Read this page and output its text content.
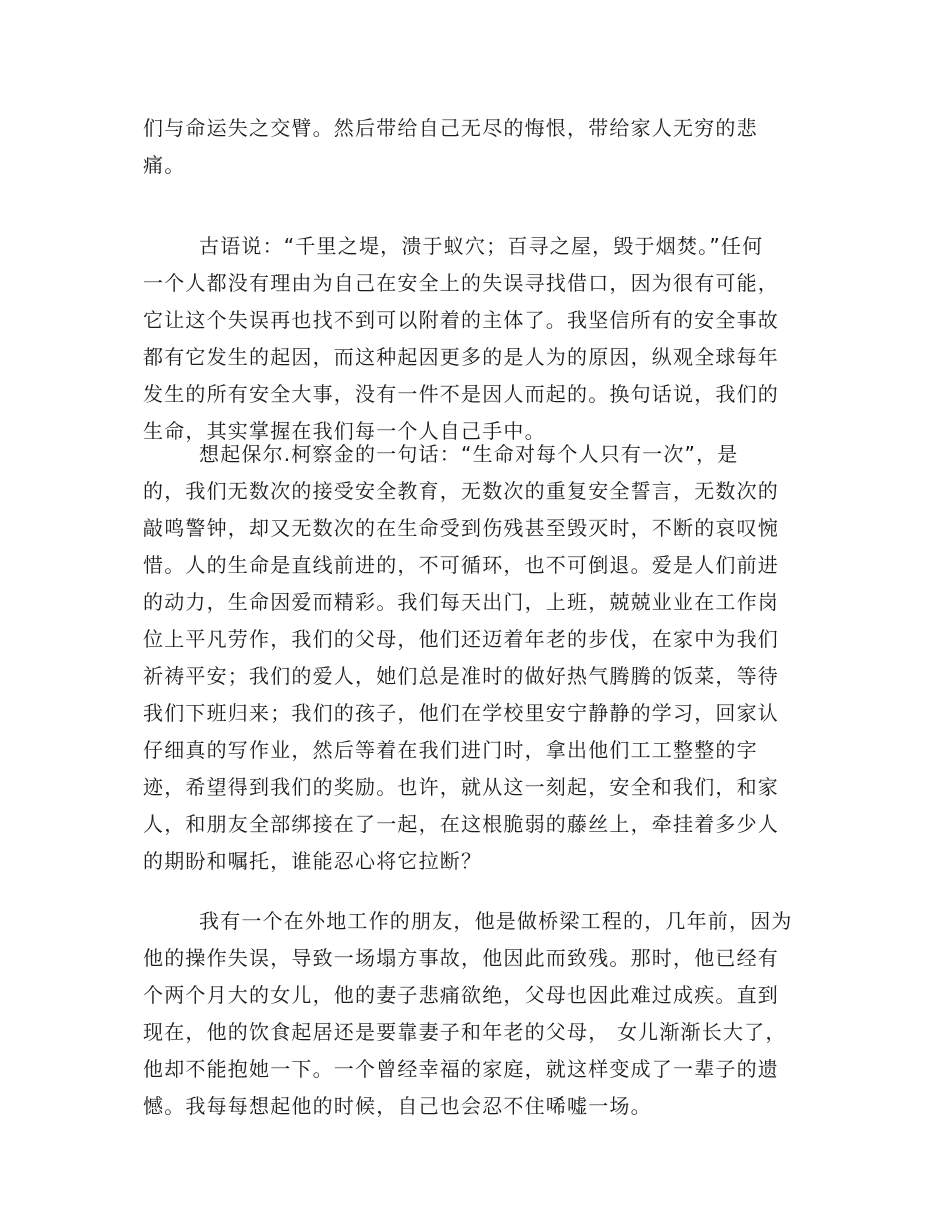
们与命运失之交臂。然后带给自己无尽的悔恨，带给家人无穷的悲
痛。
古语说：“千里之堤，溃于蚁穴；百寻之屋，毁于烟焚。”任何
一个人都没有理由为自己在安全上的失误寻找借口，因为很有可能，
它让这个失误再也找不到可以附着的主体了。我坚信所有的安全事故
都有它发生的起因，而这种起因更多的是人为的原因，纵观全球每年
发生的所有安全大事，没有一件不是因人而起的。换句话说，我们的
生命，其实掌握在我们每一个人自己手中。
想起保尔.柯察金的一句话：“生命对每个人只有一次”，是
的，我们无数次的接受安全教育，无数次的重复安全誓言，无数次的
敲鸣警钟，却又无数次的在生命受到伤残甚至毁灭时，不断的哀叹惋
惜。人的生命是直线前进的，不可循环，也不可倒退。爱是人们前进
的动力，生命因爱而精彩。我们每天出门，上班，兢兢业业在工作岗
位上平凡劳作，我们的父母，他们还迈着年老的步伐，在家中为我们
祈祷平安；我们的爱人，她们总是准时的做好热气腾腾的饭菜，等待
我们下班归来；我们的孩子，他们在学校里安宁静静的学习，回家认
仔细真的写作业，然后等着在我们进门时，拿出他们工工整整的字
迹，希望得到我们的奖励。也许，就从这一刻起，安全和我们，和家
人，和朋友全部绑接在了一起，在这根脆弱的藤丝上，牵挂着多少人
的期盼和嘱托，谁能忍心将它拉断？
我有一个在外地工作的朋友，他是做桥梁工程的，几年前，因为
他的操作失误，导致一场塌方事故，他因此而致残。那时，他已经有
个两个月大的女儿，他的妻子悲痛欲绝，父母也因此难过成疾。直到
现在，他的饮食起居还是要靠妻子和年老的父母， 女儿渐渐长大了，
他却不能抱她一下。一个曾经幸福的家庭，就这样变成了一辈子的遗
憾。我每每想起他的时候，自己也会忍不住唏嘘一场。
